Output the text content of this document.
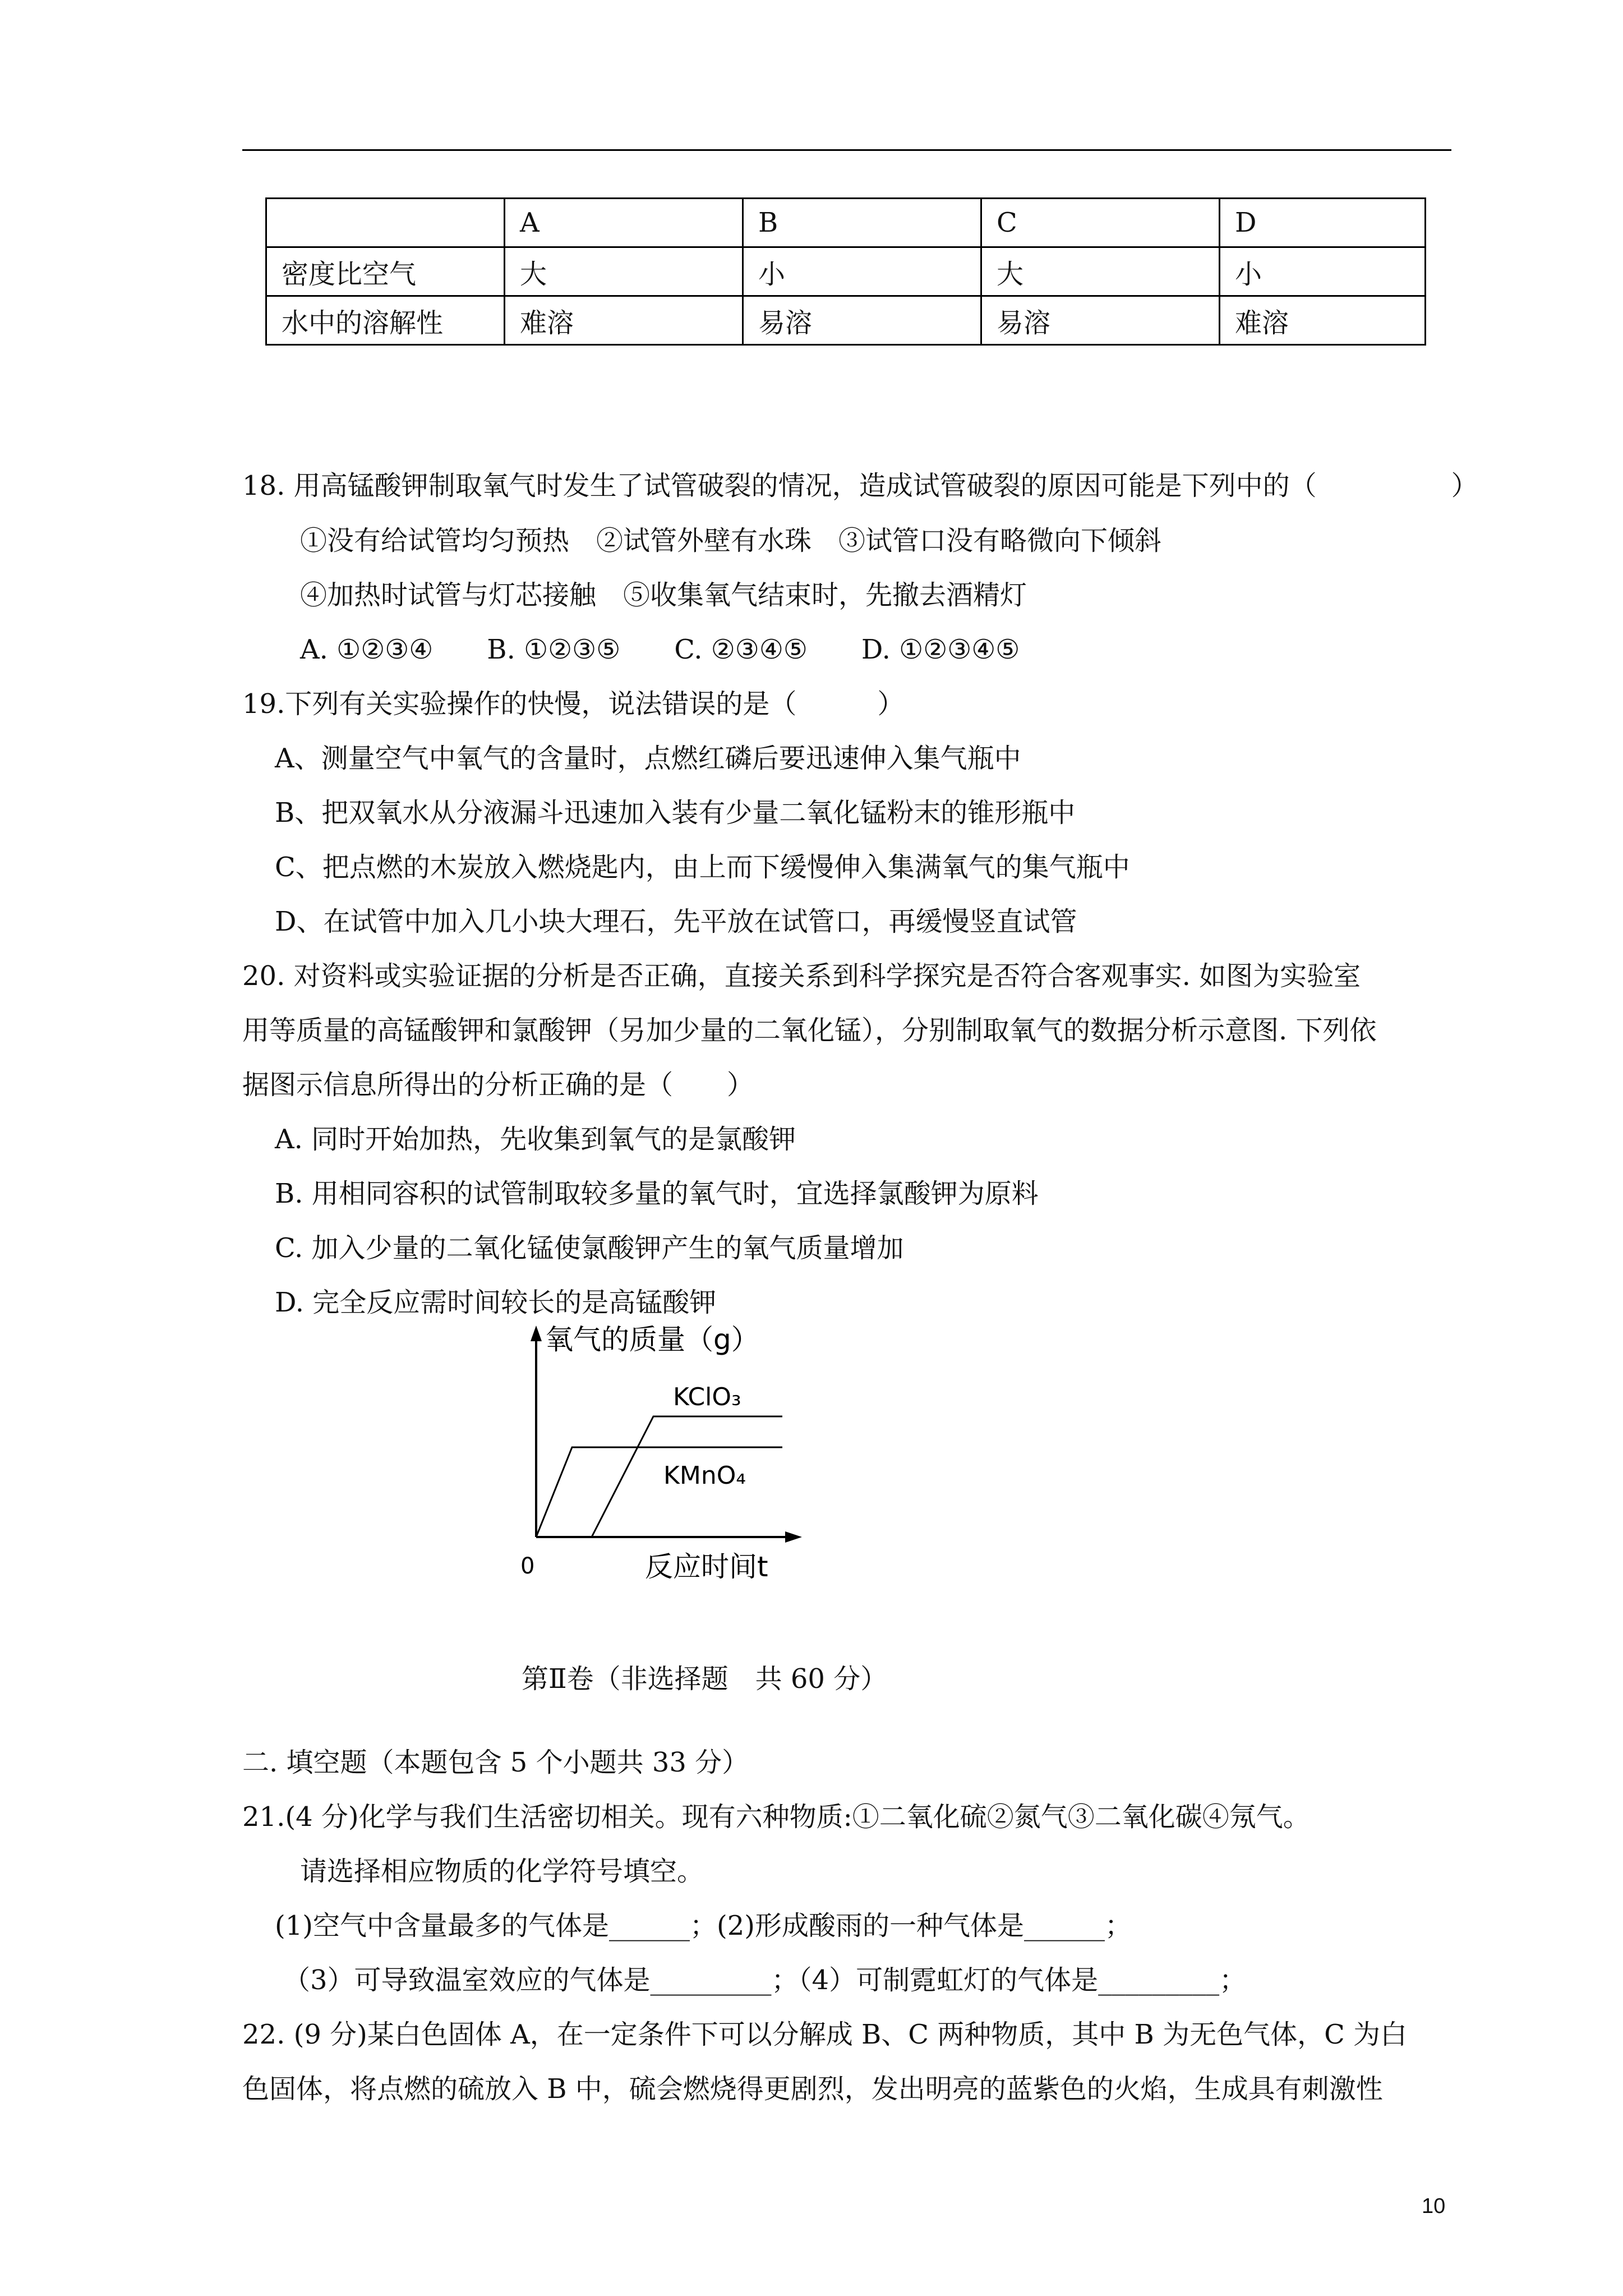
	A	B	C	D
密度比空气	大	小	大	小
水中的溶解性	难溶	易溶	易溶	难溶
18. 用高锰酸钾制取氧气时发生了试管破裂的情况，造成试管破裂的原因可能是下列中的（　　　　　）
①没有给试管均匀预热　②试管外壁有水珠　③试管口没有略微向下倾斜
④加热时试管与灯芯接触　⑤收集氧气结束时，先撤去酒精灯
A. ①②③④　　B. ①②③⑤　　C. ②③④⑤　　D. ①②③④⑤
19.下列有关实验操作的快慢，说法错误的是（　　　）
A、测量空气中氧气的含量时，点燃红磷后要迅速伸入集气瓶中
B、把双氧水从分液漏斗迅速加入装有少量二氧化锰粉末的锥形瓶中
C、把点燃的木炭放入燃烧匙内，由上而下缓慢伸入集满氧气的集气瓶中
D、在试管中加入几小块大理石，先平放在试管口，再缓慢竖直试管
20. 对资料或实验证据的分析是否正确，直接关系到科学探究是否符合客观事实. 如图为实验室
用等质量的高锰酸钾和氯酸钾（另加少量的二氧化锰），分别制取氧气的数据分析示意图. 下列依
据图示信息所得出的分析正确的是（　　）
A. 同时开始加热，先收集到氧气的是氯酸钾
B. 用相同容积的试管制取较多量的氧气时，宜选择氯酸钾为原料
C. 加入少量的二氧化锰使氯酸钾产生的氧气质量增加
D. 完全反应需时间较长的是高锰酸钾
氧气的质量（g）
KClO₃
KMnO₄
0	反应时间t
第Ⅱ卷（非选择题　共 60 分）
二. 填空题（本题包含 5 个小题共 33 分）
21.(4 分)化学与我们生活密切相关。现有六种物质:①二氧化硫②氮气③二氧化碳④氖气。
请选择相应物质的化学符号填空。
(1)空气中含量最多的气体是______；(2)形成酸雨的一种气体是______；
（3）可导致温室效应的气体是_________；（4）可制霓虹灯的气体是_________；
22. (9 分)某白色固体 A，在一定条件下可以分解成 B、C 两种物质，其中 B 为无色气体，C 为白
色固体，将点燃的硫放入 B 中，硫会燃烧得更剧烈，发出明亮的蓝紫色的火焰，生成具有刺激性
10
